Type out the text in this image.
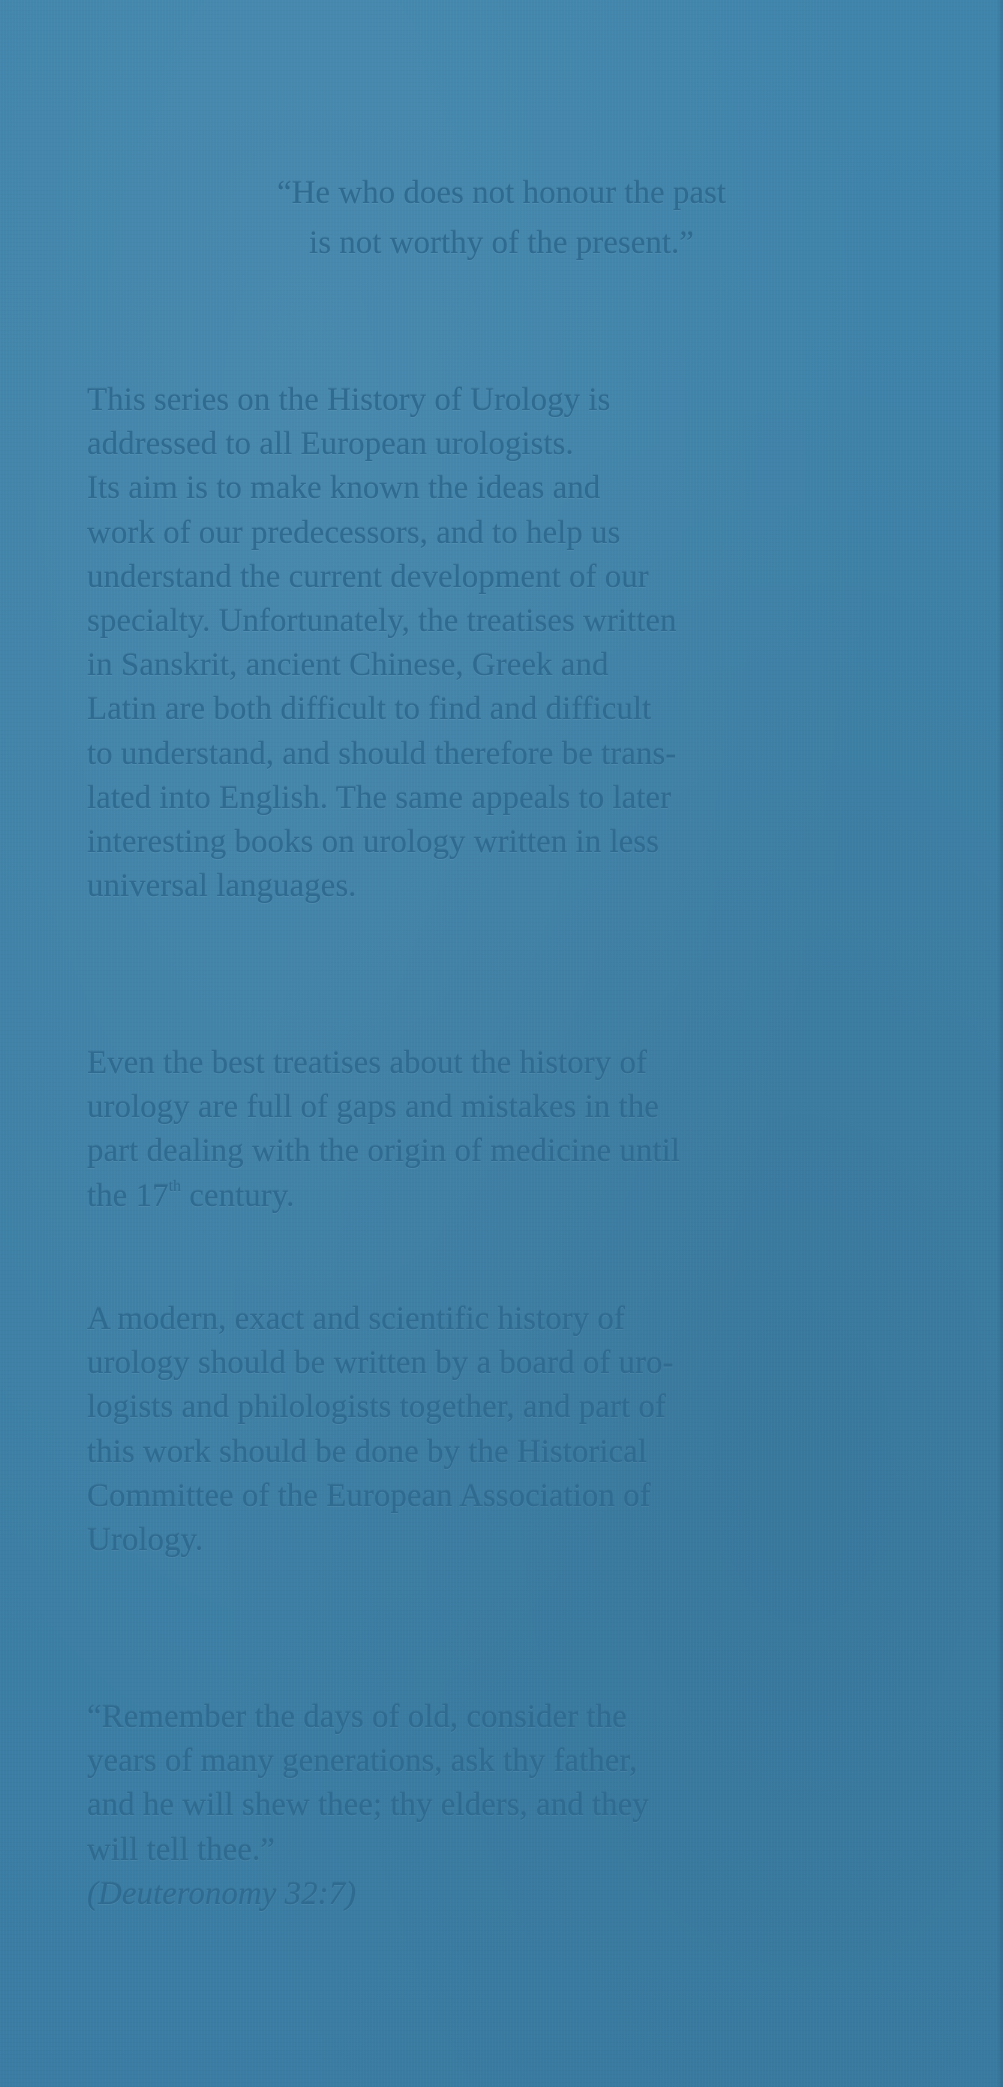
“He who does not honour the past
is not worthy of the present.”
This series on the History of Urology is
addressed to all European urologists.
Its aim is to make known the ideas and
work of our predecessors, and to help us
understand the current development of our
specialty. Unfortunately, the treatises written
in Sanskrit, ancient Chinese, Greek and
Latin are both difficult to find and difficult
to understand, and should therefore be trans-
lated into English. The same appeals to later
interesting books on urology written in less
universal languages.
Even the best treatises about the history of
urology are full of gaps and mistakes in the
part dealing with the origin of medicine until
the 17th century.
A modern, exact and scientific history of
urology should be written by a board of uro-
logists and philologists together, and part of
this work should be done by the Historical
Committee of the European Association of
Urology.
“Remember the days of old, consider the
years of many generations, ask thy father,
and he will shew thee; thy elders, and they
will tell thee.”
(Deuteronomy 32:7)
